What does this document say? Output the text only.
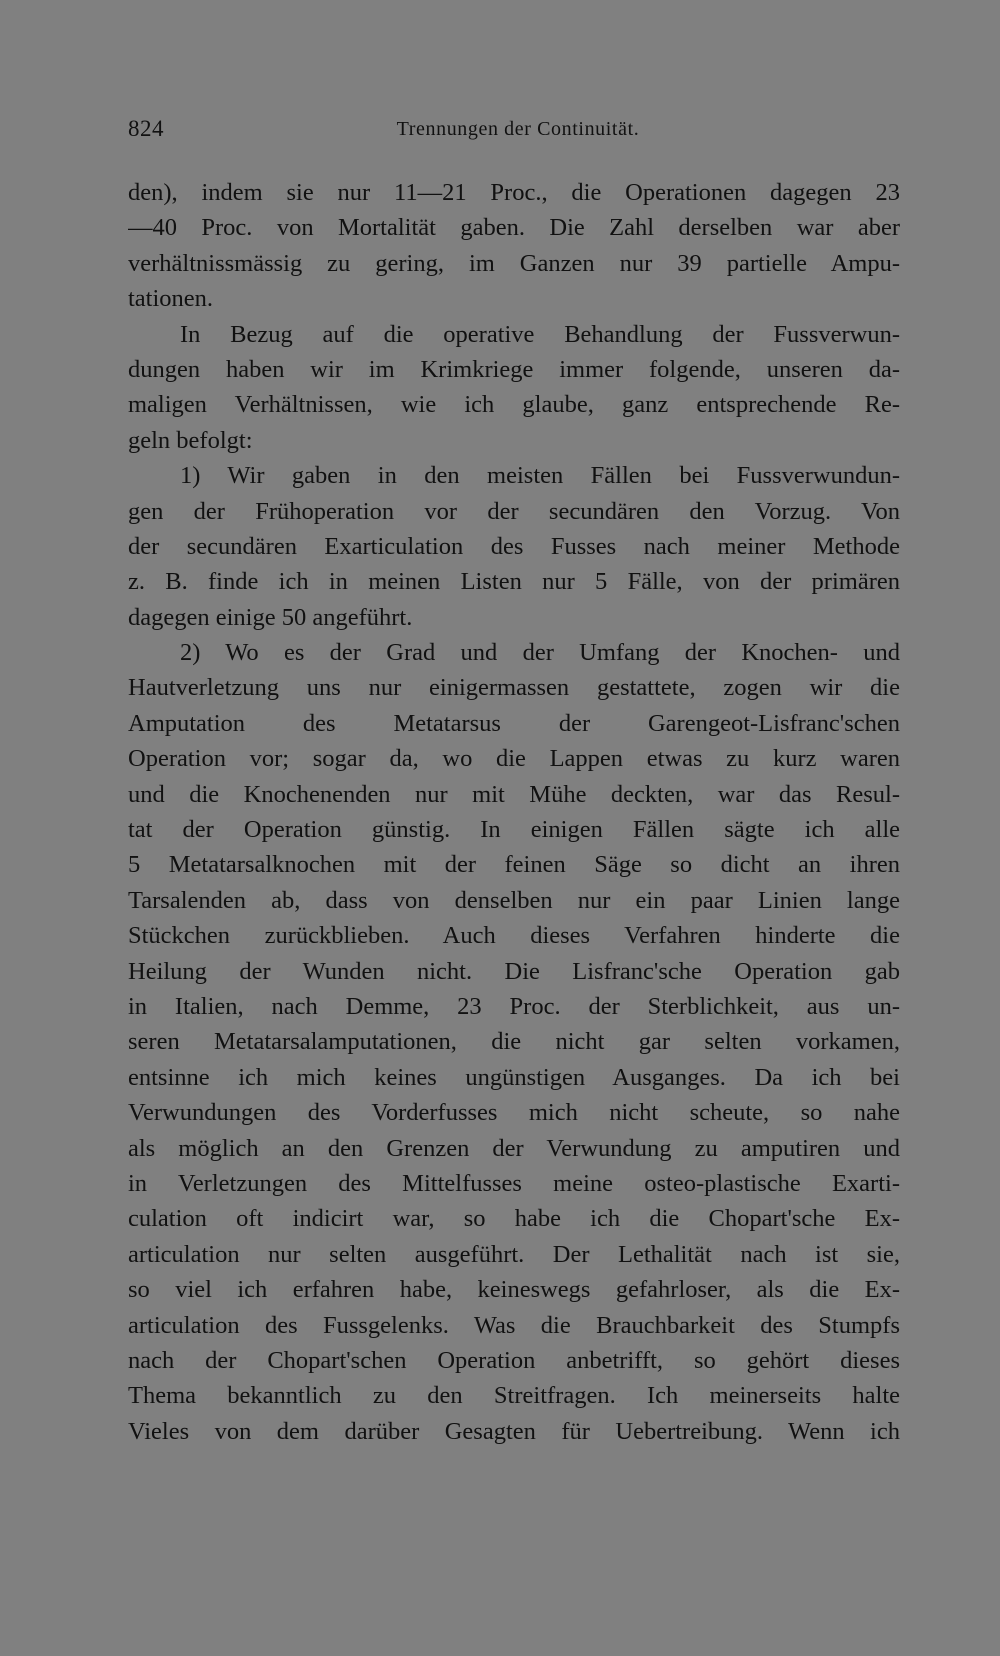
824	Trennungen der Continuität.
den), indem sie nur 11—21 Proc., die Operationen dagegen 23
—40 Proc. von Mortalität gaben. Die Zahl derselben war aber
verhältnissmässig zu gering, im Ganzen nur 39 partielle Ampu-
tationen.
In Bezug auf die operative Behandlung der Fussverwun-
dungen haben wir im Krimkriege immer folgende, unseren da-
maligen Verhältnissen, wie ich glaube, ganz entsprechende Re-
geln befolgt:
1) Wir gaben in den meisten Fällen bei Fussverwundun-
gen der Frühoperation vor der secundären den Vorzug. Von
der secundären Exarticulation des Fusses nach meiner Methode
z. B. finde ich in meinen Listen nur 5 Fälle, von der primären
dagegen einige 50 angeführt.
2) Wo es der Grad und der Umfang der Knochen- und
Hautverletzung uns nur einigermassen gestattete, zogen wir die
Amputation des Metatarsus der Garengeot-Lisfranc'schen
Operation vor; sogar da, wo die Lappen etwas zu kurz waren
und die Knochenenden nur mit Mühe deckten, war das Resul-
tat der Operation günstig. In einigen Fällen sägte ich alle
5 Metatarsalknochen mit der feinen Säge so dicht an ihren
Tarsalenden ab, dass von denselben nur ein paar Linien lange
Stückchen zurückblieben. Auch dieses Verfahren hinderte die
Heilung der Wunden nicht. Die Lisfranc'sche Operation gab
in Italien, nach Demme, 23 Proc. der Sterblichkeit, aus un-
seren Metatarsalamputationen, die nicht gar selten vorkamen,
entsinne ich mich keines ungünstigen Ausganges. Da ich bei
Verwundungen des Vorderfusses mich nicht scheute, so nahe
als möglich an den Grenzen der Verwundung zu amputiren und
in Verletzungen des Mittelfusses meine osteo-plastische Exarti-
culation oft indicirt war, so habe ich die Chopart'sche Ex-
articulation nur selten ausgeführt. Der Lethalität nach ist sie,
so viel ich erfahren habe, keineswegs gefahrloser, als die Ex-
articulation des Fussgelenks. Was die Brauchbarkeit des Stumpfs
nach der Chopart'schen Operation anbetrifft, so gehört dieses
Thema bekanntlich zu den Streitfragen. Ich meinerseits halte
Vieles von dem darüber Gesagten für Uebertreibung. Wenn ich
